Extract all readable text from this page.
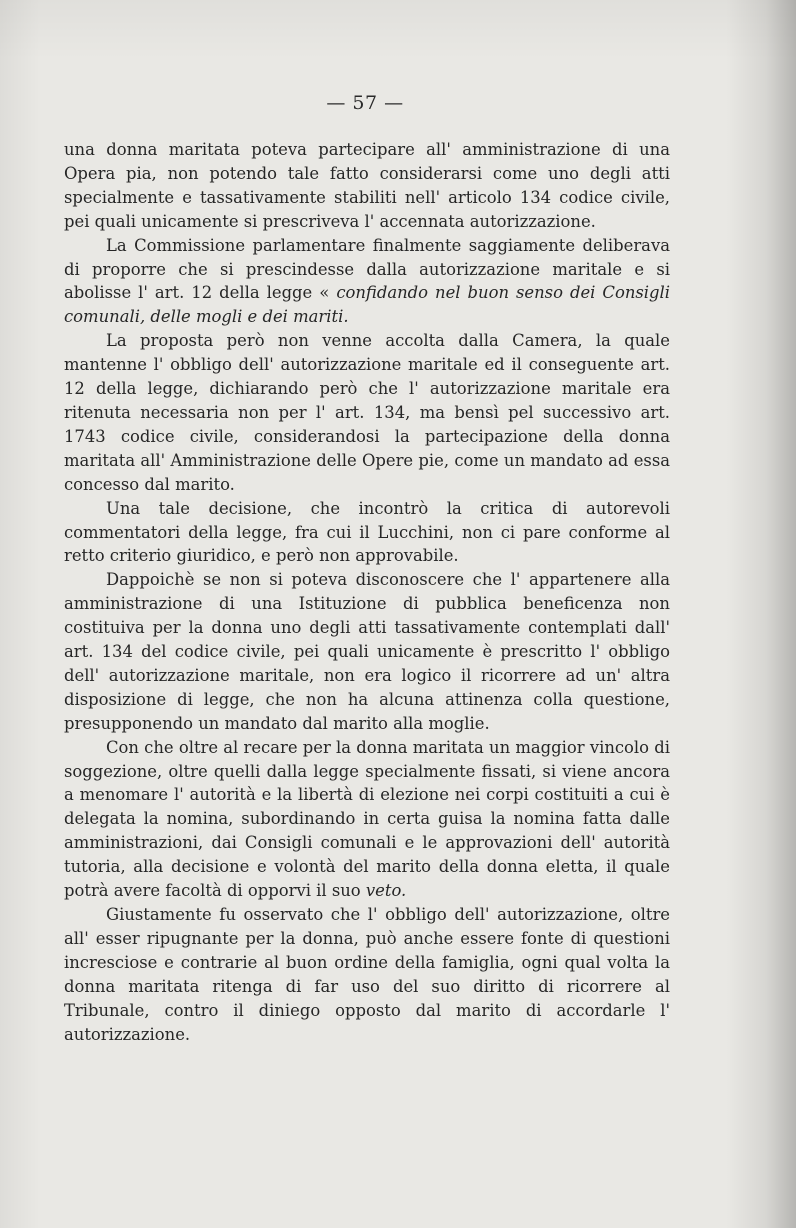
— 57 —

una donna maritata poteva partecipare all' amministrazione di una Opera pia, non potendo tale fatto considerarsi come uno degli atti specialmente e tassativamente stabiliti nell' articolo 134 codice civile, pei quali unicamente si prescriveva l' accennata autorizzazione.

La Commissione parlamentare finalmente saggiamente deliberava di proporre che si prescindesse dalla autorizzazione maritale e si abolisse l' art. 12 della legge « confidando nel buon senso dei Consigli comunali, delle mogli e dei mariti.

La proposta però non venne accolta dalla Camera, la quale mantenne l' obbligo dell' autorizzazione maritale ed il conseguente art. 12 della legge, dichiarando però che l' autorizzazione maritale era ritenuta necessaria non per l' art. 134, ma bensì pel successivo art. 1743 codice civile, considerandosi la partecipazione della donna maritata all' Amministrazione delle Opere pie, come un mandato ad essa concesso dal marito.

Una tale decisione, che incontrò la critica di autorevoli commentatori della legge, fra cui il Lucchini, non ci pare conforme al retto criterio giuridico, e però non approvabile.

Dappoichè se non si poteva disconoscere che l' appartenere alla amministrazione di una Istituzione di pubblica beneficenza non costituiva per la donna uno degli atti tassativamente contemplati dall' art. 134 del codice civile, pei quali unicamente è prescritto l' obbligo dell' autorizzazione maritale, non era logico il ricorrere ad un' altra disposizione di legge, che non ha alcuna attinenza colla questione, presupponendo un mandato dal marito alla moglie.

Con che oltre al recare per la donna maritata un maggior vincolo di soggezione, oltre quelli dalla legge specialmente fissati, si viene ancora a menomare l' autorità e la libertà di elezione nei corpi costituiti a cui è delegata la nomina, subordinando in certa guisa la nomina fatta dalle amministrazioni, dai Consigli comunali e le approvazioni dell' autorità tutoria, alla decisione e volontà del marito della donna eletta, il quale potrà avere facoltà di opporvi il suo veto.

Giustamente fu osservato che l' obbligo dell' autorizzazione, oltre all' esser ripugnante per la donna, può anche essere fonte di questioni incresciose e contrarie al buon ordine della famiglia, ogni qual volta la donna maritata ritenga di far uso del suo diritto di ricorrere al Tribunale, contro il diniego opposto dal marito di accordarle l' autorizzazione.
